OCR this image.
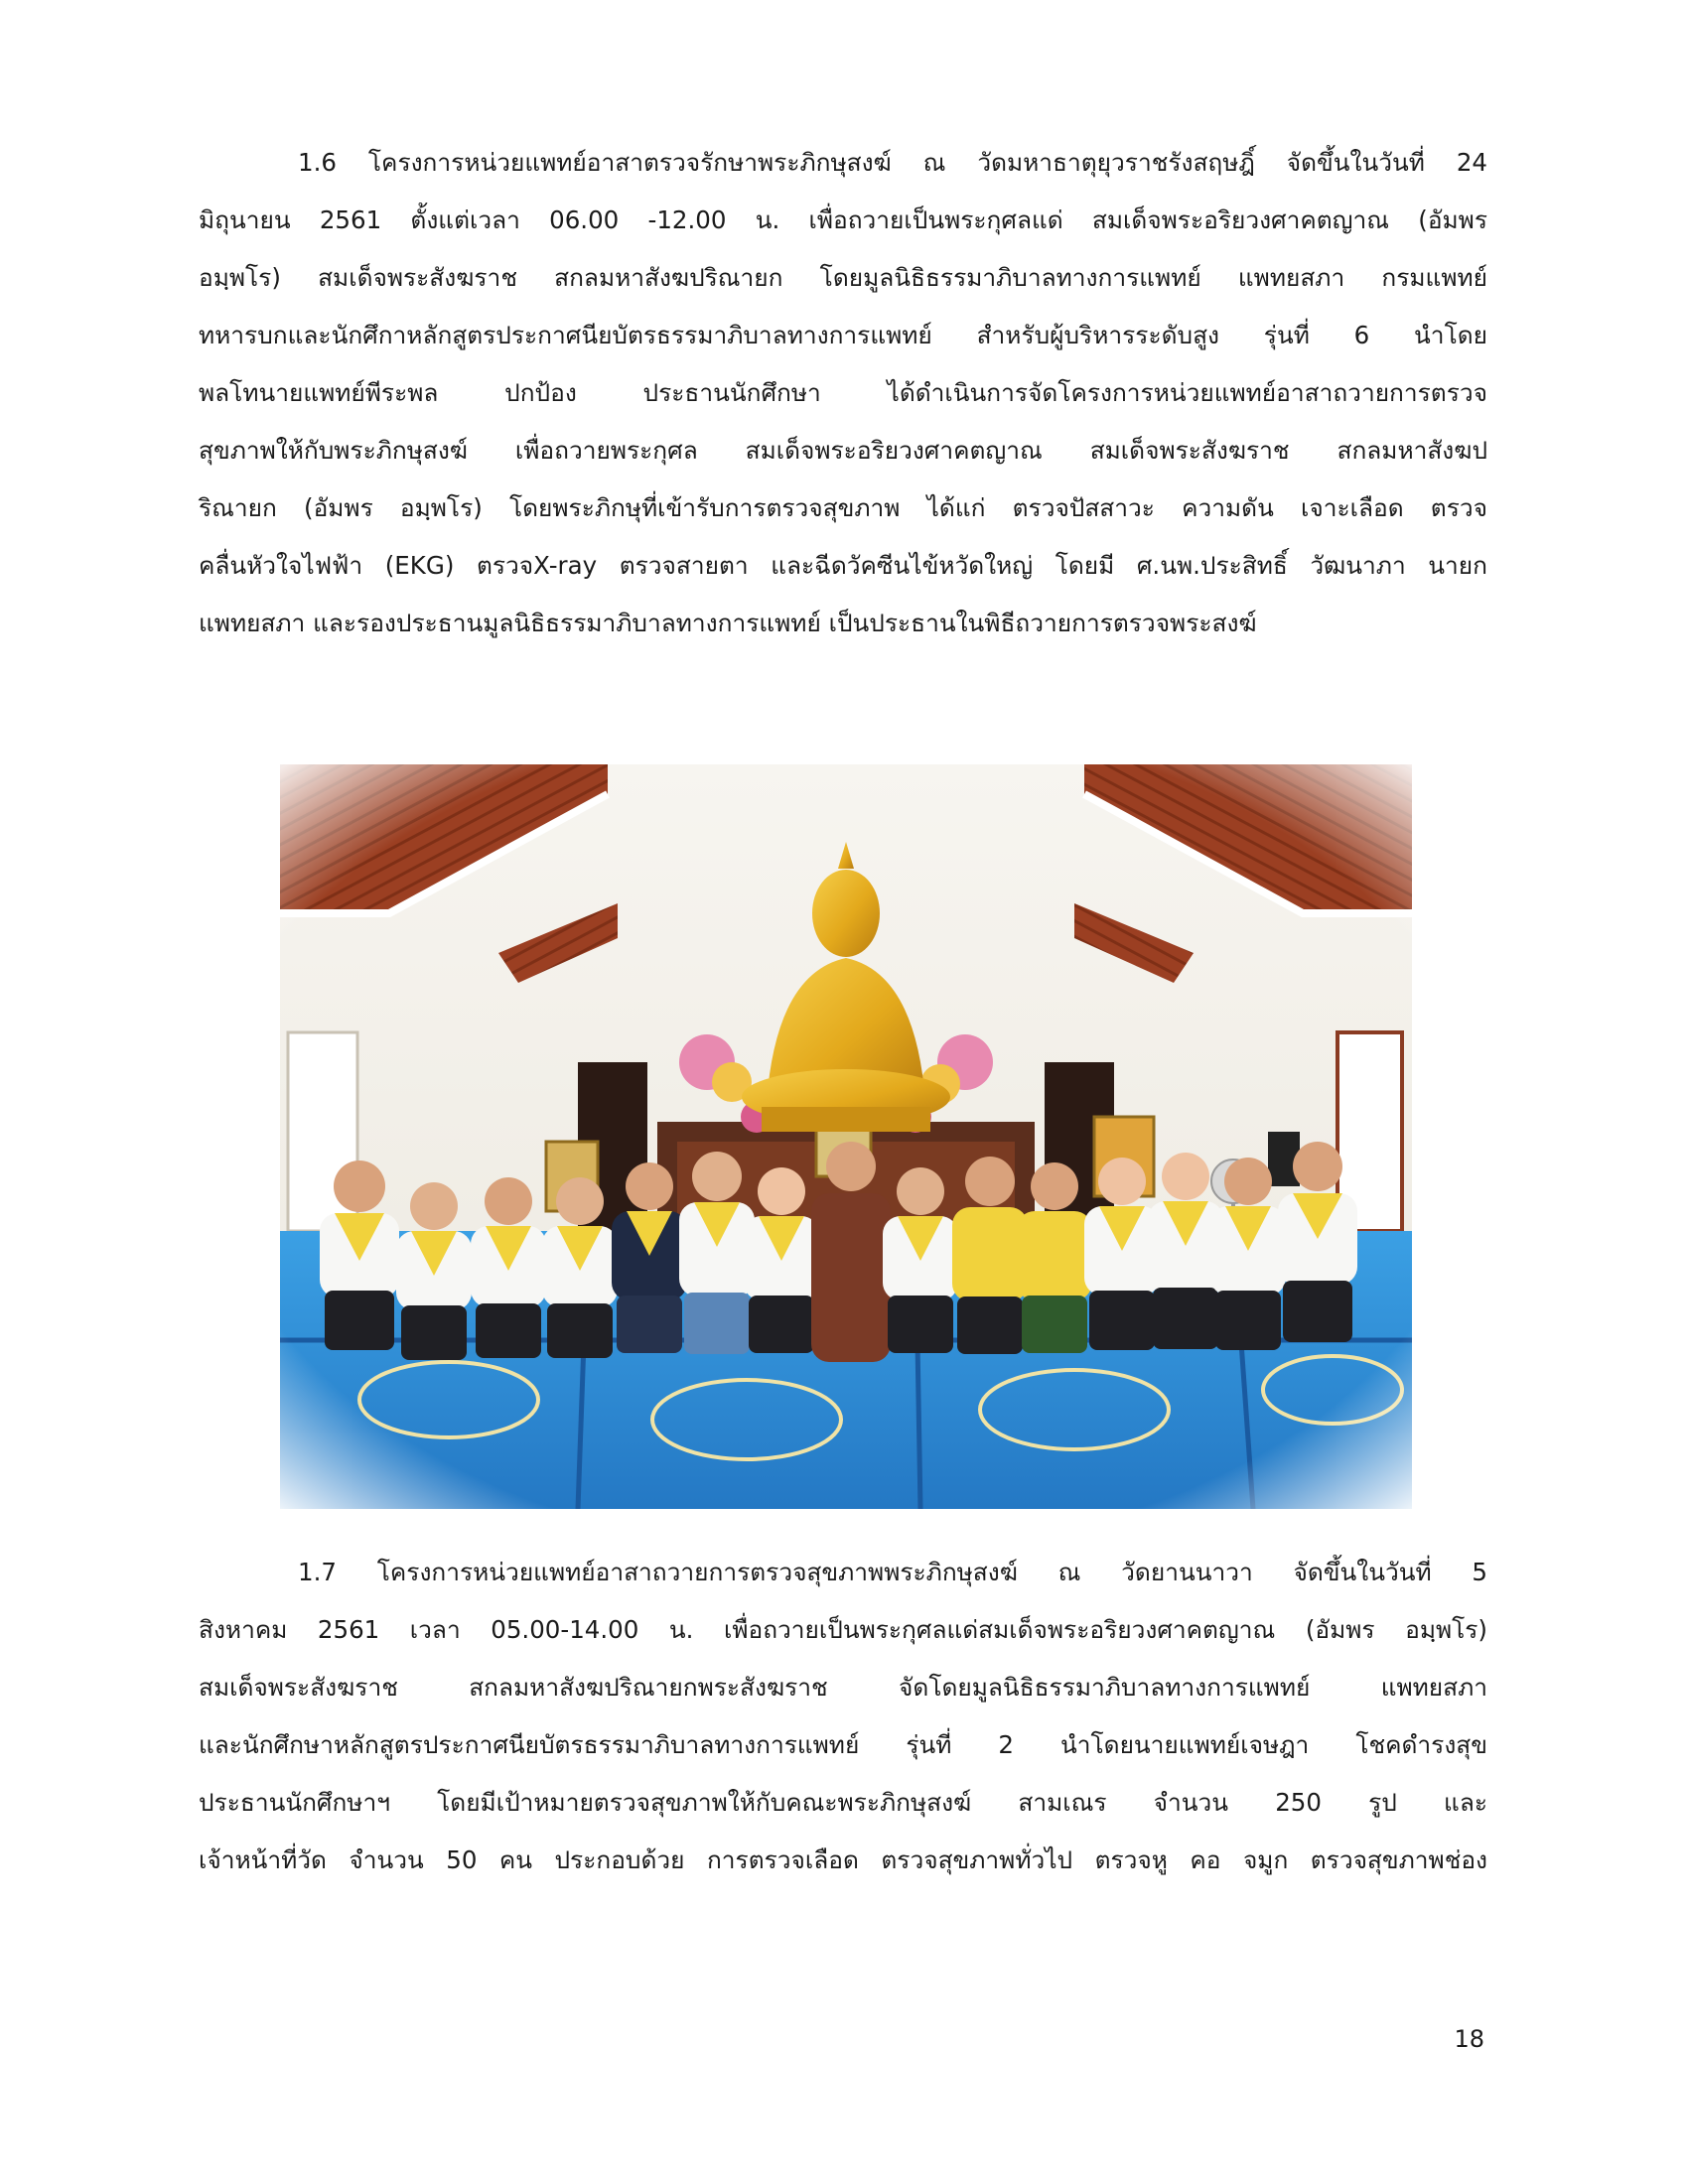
1.6 โครงการหน่วยแพทย์อาสาตรวจรักษาพระภิกษุสงฆ์ ณ วัดมหาธาตุยุวราชรังสฤษฎิ์ จัดขึ้นในวันที่ 24
มิถุนายน 2561 ตั้งแต่เวลา 06.00 -12.00 น. เพื่อถวายเป็นพระกุศลแด่ สมเด็จพระอริยวงศาคตญาณ (อัมพร
อมฺพโร) สมเด็จพระสังฆราช สกลมหาสังฆปริณายก โดยมูลนิธิธรรมาภิบาลทางการแพทย์ แพทยสภา กรมแพทย์
ทหารบกและนักศึกาหลักสูตรประกาศนียบัตรธรรมาภิบาลทางการแพทย์ สำหรับผู้บริหารระดับสูง รุ่นที่ 6 นำโดย
พลโทนายแพทย์พีระพล ปกป้อง ประธานนักศึกษา ได้ดำเนินการจัดโครงการหน่วยแพทย์อาสาถวายการตรวจ
สุขภาพให้กับพระภิกษุสงฆ์ เพื่อถวายพระกุศล สมเด็จพระอริยวงศาคตญาณ สมเด็จพระสังฆราช สกลมหาสังฆป
ริณายก (อัมพร อมฺพโร) โดยพระภิกษุที่เข้ารับการตรวจสุขภาพ ได้แก่ ตรวจปัสสาวะ ความดัน เจาะเลือด ตรวจ
คลื่นหัวใจไฟฟ้า (EKG) ตรวจX-ray ตรวจสายตา และฉีดวัคซีนไข้หวัดใหญ่ โดยมี ศ.นพ.ประสิทธิ์ วัฒนาภา นายก
แพทยสภา และรองประธานมูลนิธิธรรมาภิบาลทางการแพทย์ เป็นประธานในพิธีถวายการตรวจพระสงฆ์
1.7 โครงการหน่วยแพทย์อาสาถวายการตรวจสุขภาพพระภิกษุสงฆ์ ณ วัดยานนาวา จัดขึ้นในวันที่ 5
สิงหาคม 2561 เวลา 05.00-14.00 น. เพื่อถวายเป็นพระกุศลแด่สมเด็จพระอริยวงศาคตญาณ (อัมพร อมฺพโร)
สมเด็จพระสังฆราช สกลมหาสังฆปริณายกพระสังฆราช จัดโดยมูลนิธิธรรมาภิบาลทางการแพทย์ แพทยสภา
และนักศึกษาหลักสูตรประกาศนียบัตรธรรมาภิบาลทางการแพทย์ รุ่นที่ 2 นำโดยนายแพทย์เจษฎา โชคดำรงสุข
ประธานนักศึกษาฯ โดยมีเป้าหมายตรวจสุขภาพให้กับคณะพระภิกษุสงฆ์ สามเณร จำนวน 250 รูป และ
เจ้าหน้าที่วัด จำนวน 50 คน ประกอบด้วย การตรวจเลือด ตรวจสุขภาพทั่วไป ตรวจหู คอ จมูก ตรวจสุขภาพช่อง
18
